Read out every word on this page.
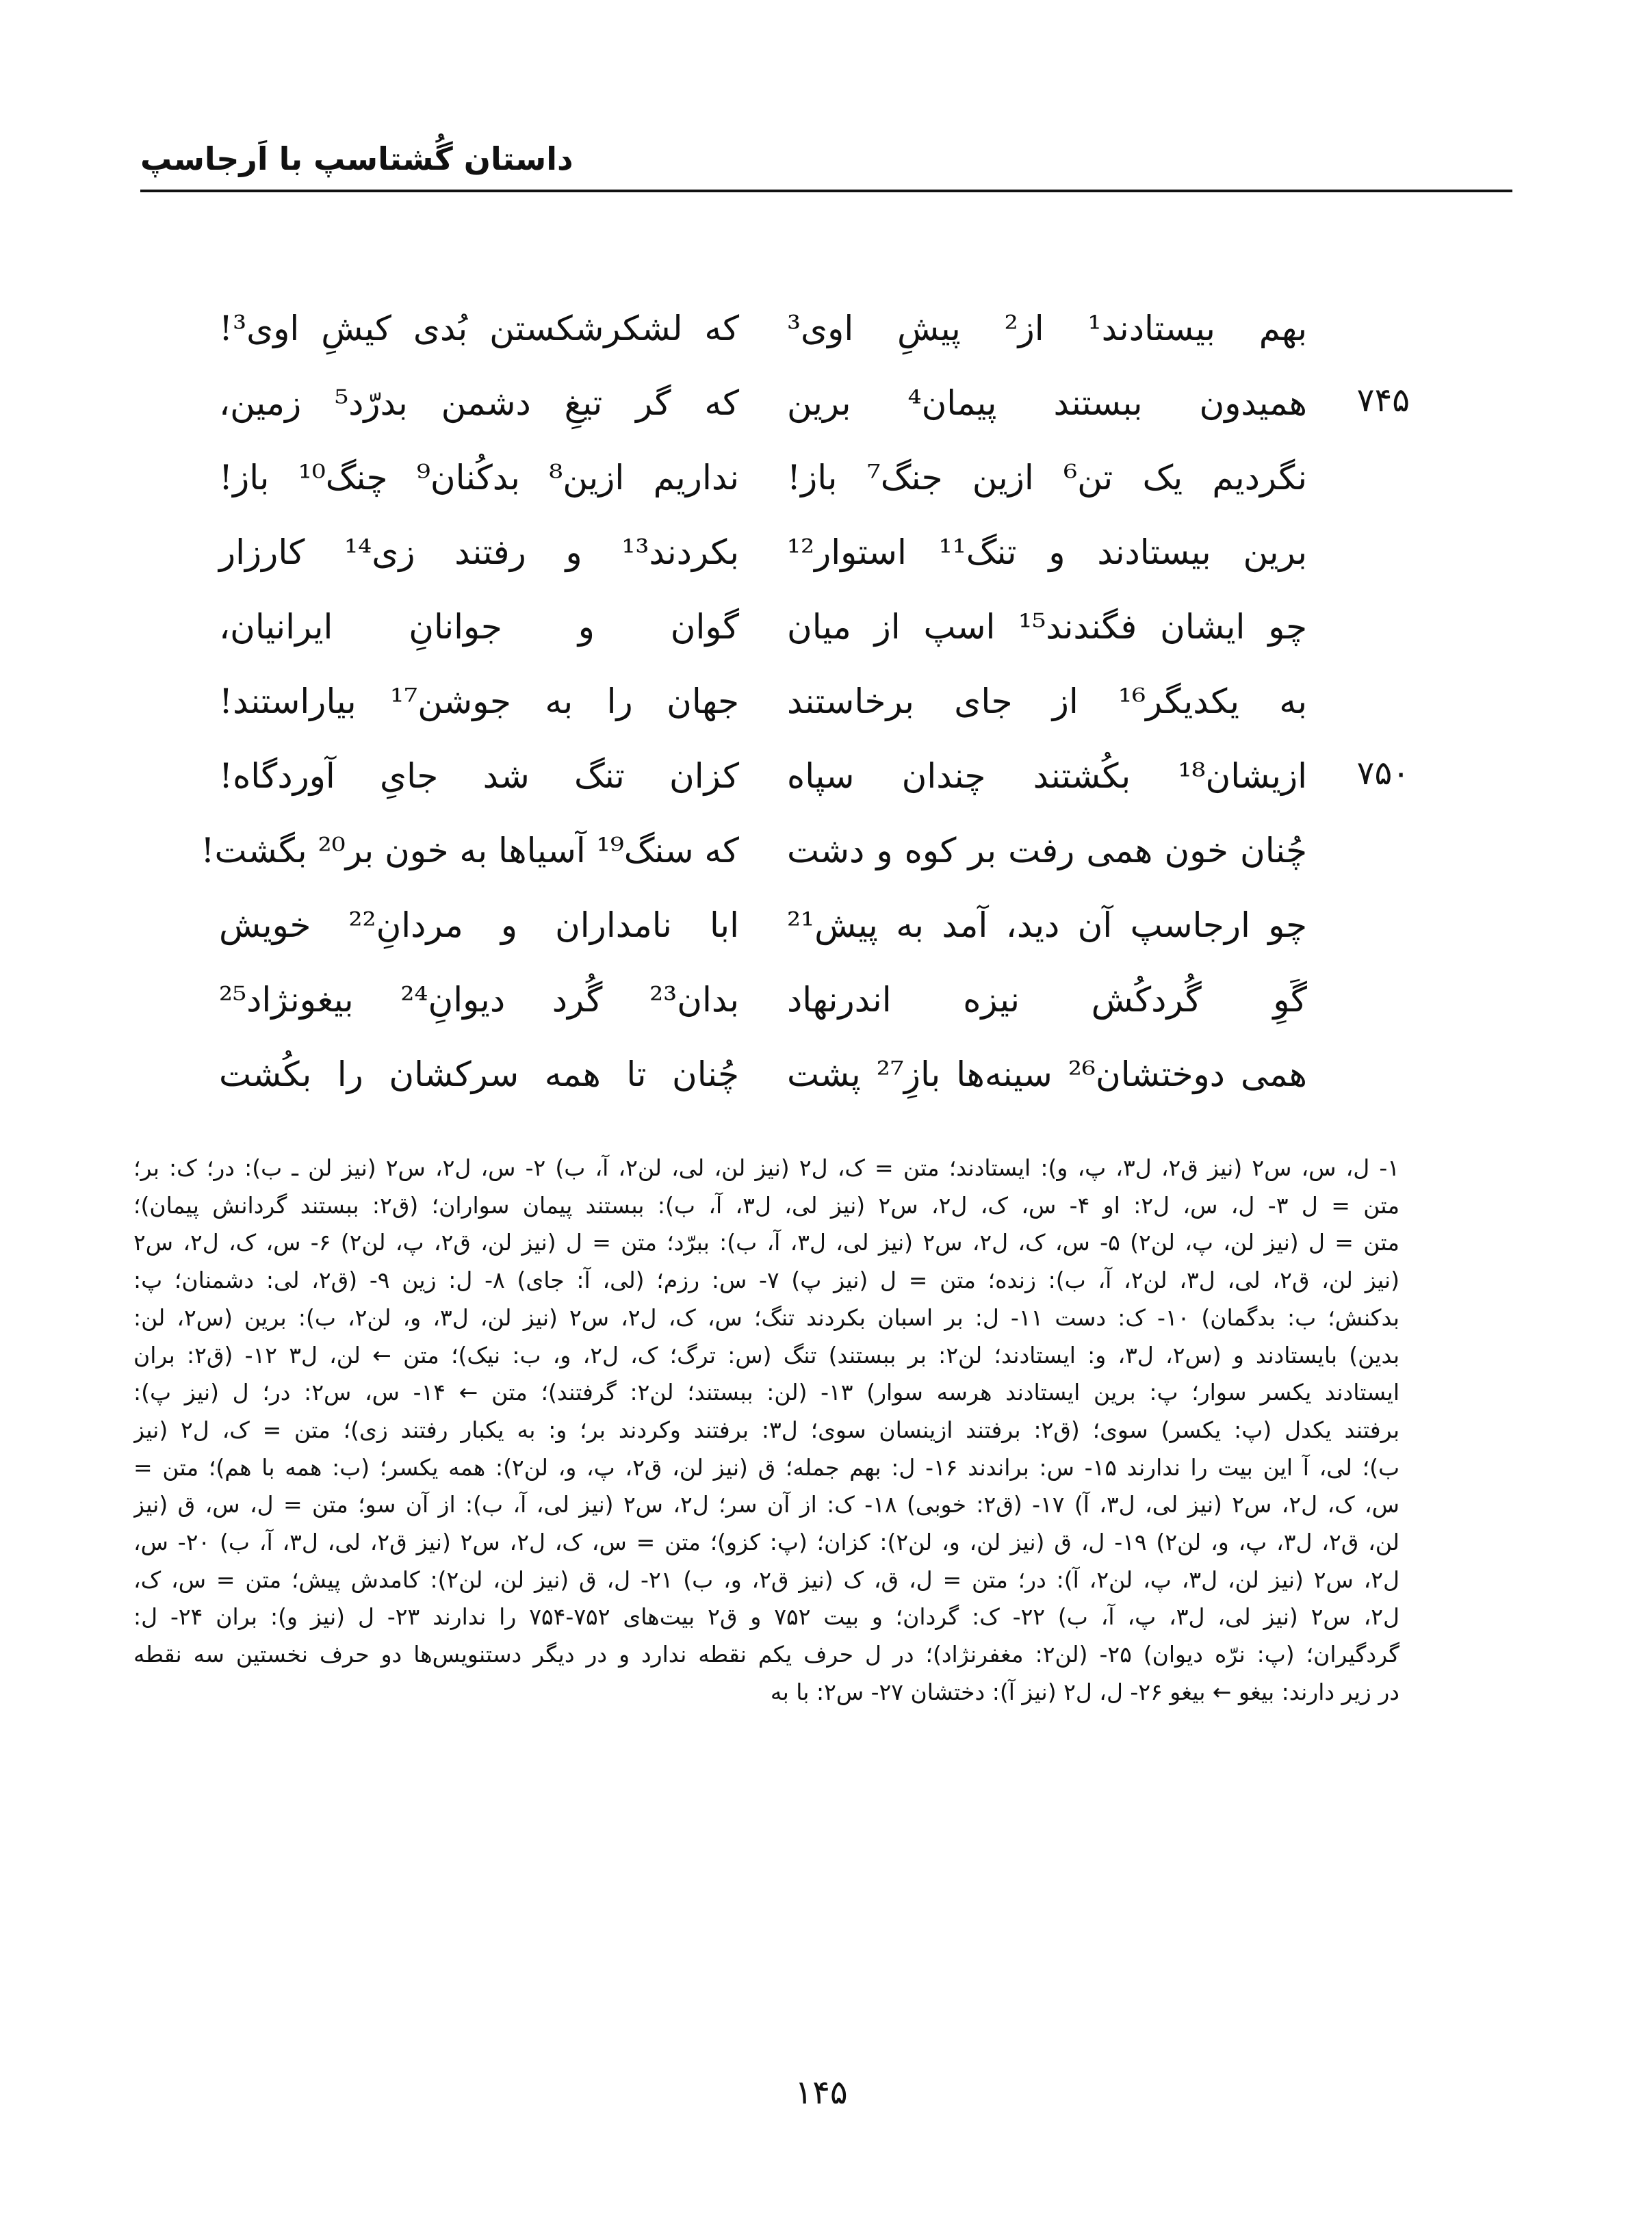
داستان گُشتاسپ با اَرجاسپ
بهم بیستادند¹ از² پیشِ اوی³
که لشکرشکستن بُدی کیشِ اوی³!
۷۴۵
همیدون ببستند پیمان⁴ برین
که گر تیغِ دشمن بدرّد⁵ زمین،
نگردیم یک تن⁶ ازین جنگ⁷ باز!
نداریم ازین⁸ بدکُنان⁹ چنگ¹⁰ باز!
برین بیستادند و تنگ¹¹ استوار¹²
بکردند¹³ و رفتند زی¹⁴ کارزار
چو ایشان فگندند¹⁵ اسپ از میان
گوان و جوانانِ ایرانیان،
به یکدیگر¹⁶ از جای برخاستند
جهان را به جوشن¹⁷ بیاراستند!
۷۵۰
ازیشان¹⁸ بکُشتند چندان سپاه
کزان تنگ شد جایِ آوردگاه!
چُنان خون همی رفت بر کوه و دشت
که سنگ¹⁹ آسیاها به خون بر²⁰ بگشت!
چو ارجاسپ آن دید، آمد به پیش²¹
ابا نامداران و مردانِ²² خویش
گَوِ گُردکُش نیزه اندرنهاد
بدان²³ گُرد دیوانِ²⁴ بیغونژاد²⁵
همی دوختشان²⁶ سینه‌ها بازِ²⁷ پشت
چُنان تا همه سرکشان را بکُشت
۱- ل، س، س۲ (نیز ق۲، ل۳، پ، و): ایستادند؛ متن = ک، ل۲ (نیز لن، لی، لن۲، آ، ب) ۲- س، ل۲، س۲ (نیز لن ـ ب): در؛ ک: بر؛
متن = ل ۳- ل، س، ل۲: او ۴- س، ک، ل۲، س۲ (نیز لی، ل۳، آ، ب): ببستند پیمان سواران؛ (ق۲: ببستند گردانش پیمان)؛
متن = ل (نیز لن، پ، لن۲) ۵- س، ک، ل۲، س۲ (نیز لی، ل۳، آ، ب): ببرّد؛ متن = ل (نیز لن، ق۲، پ، لن۲) ۶- س، ک، ل۲، س۲
(نیز لن، ق۲، لی، ل۳، لن۲، آ، ب): زنده؛ متن = ل (نیز پ) ۷- س: رزم؛ (لی، آ: جای) ۸- ل: زین ۹- (ق۲، لی: دشمنان؛ پ:
بدکنش؛ ب: بدگمان) ۱۰- ک: دست ۱۱- ل: بر اسبان بکردند تنگ؛ س، ک، ل۲، س۲ (نیز لن، ل۳، و، لن۲، ب): برین (س۲، لن:
بدین) بایستادند و (س۲، ل۳، و: ایستادند؛ لن۲: بر ببستند) تنگ (س: ترگ؛ ک، ل۲، و، ب: نیک)؛ متن ← لن، ل۳ ۱۲- (ق۲: بران
ایستادند یکسر سوار؛ پ: برین ایستادند هرسه سوار) ۱۳- (لن: ببستند؛ لن۲: گرفتند)؛ متن ← ۱۴- س، س۲: در؛ ل (نیز پ):
برفتند یکدل (پ: یکسر) سوی؛ (ق۲: برفتند ازینسان سوی؛ ل۳: برفتند وکردند بر؛ و: به یکبار رفتند زی)؛ متن = ک، ل۲ (نیز
ب)؛ لی، آ این بیت را ندارند ۱۵- س: براندند ۱۶- ل: بهم جمله؛ ق (نیز لن، ق۲، پ، و، لن۲): همه یکسر؛ (ب: همه با هم)؛ متن =
س، ک، ل۲، س۲ (نیز لی، ل۳، آ) ۱۷- (ق۲: خوبی) ۱۸- ک: از آن سر؛ ل۲، س۲ (نیز لی، آ، ب): از آن سو؛ متن = ل، س، ق (نیز
لن، ق۲، ل۳، پ، و، لن۲) ۱۹- ل، ق (نیز لن، و، لن۲): کزان؛ (پ: کزو)؛ متن = س، ک، ل۲، س۲ (نیز ق۲، لی، ل۳، آ، ب) ۲۰- س،
ل۲، س۲ (نیز لن، ل۳، پ، لن۲، آ): در؛ متن = ل، ق، ک (نیز ق۲، و، ب) ۲۱- ل، ق (نیز لن، لن۲): کامدش پیش؛ متن = س، ک،
ل۲، س۲ (نیز لی، ل۳، پ، آ، ب) ۲۲- ک: گردان؛ و بیت ۷۵۲ و ق۲ بیت‌های ۷۵۲-۷۵۴ را ندارند ۲۳- ل (نیز و): بران ۲۴- ل:
گردگیران؛ (پ: نرّه دیوان) ۲۵- (لن۲: مغفرنژاد)؛ در ل حرف یکم نقطه ندارد و در دیگر دستنویس‌ها دو حرف نخستین سه نقطه
در زیر دارند: بیغو ← بیغو ۲۶- ل، ل۲ (نیز آ): دختشان ۲۷- س۲: با به
۱۴۵
